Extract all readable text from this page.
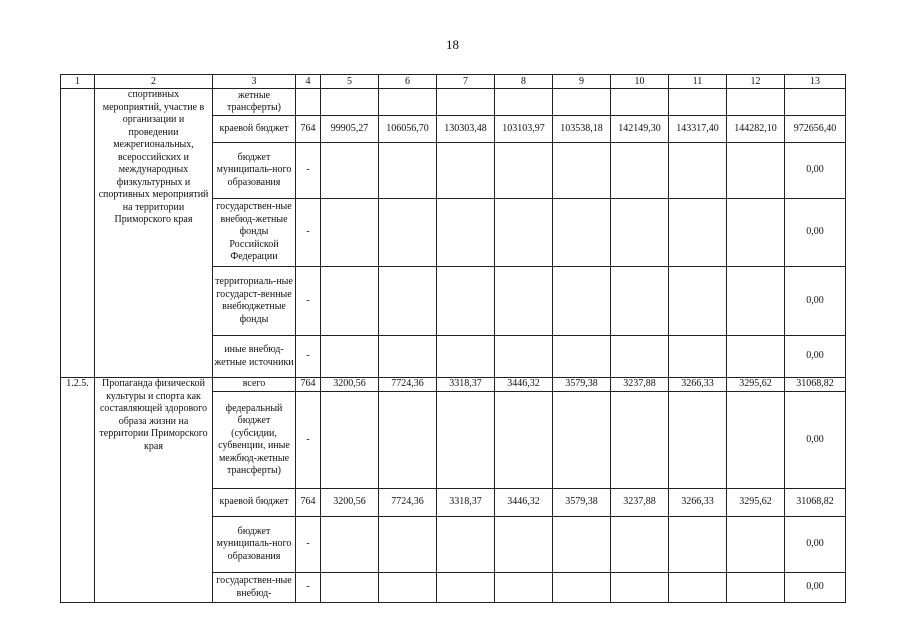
18
1	2	3	4	5	6	7	8	9	10	11	12	13
	спортивных мероприятий, участие в организации и проведении межрегиональных, всероссийских и международных физкультурных и спортивных мероприятий на территории Приморского края	жетные трансферты)										
		краевой бюджет	764	99905,27	106056,70	130303,48	103103,97	103538,18	142149,30	143317,40	144282,10	972656,40
		бюджет муниципаль-ного образования	-									0,00
		государствен-ные внебюд-жетные фонды Российской Федерации	-									0,00
		территориаль-ные государст-венные внебюджетные фонды	-									0,00
		иные внебюд-жетные источники	-									0,00
1.2.5.	Пропаганда физической культуры и спорта как составляющей здорового образа жизни на территории Приморского края	всего	764	3200,56	7724,36	3318,37	3446,32	3579,38	3237,88	3266,33	3295,62	31068,82
		федеральный бюджет (субсидии, субвенции, иные межбюд-жетные трансферты)	-									0,00
		краевой бюджет	764	3200,56	7724,36	3318,37	3446,32	3579,38	3237,88	3266,33	3295,62	31068,82
		бюджет муниципаль-ного образования	-									0,00
		государствен-ные внебюд-	-									0,00
